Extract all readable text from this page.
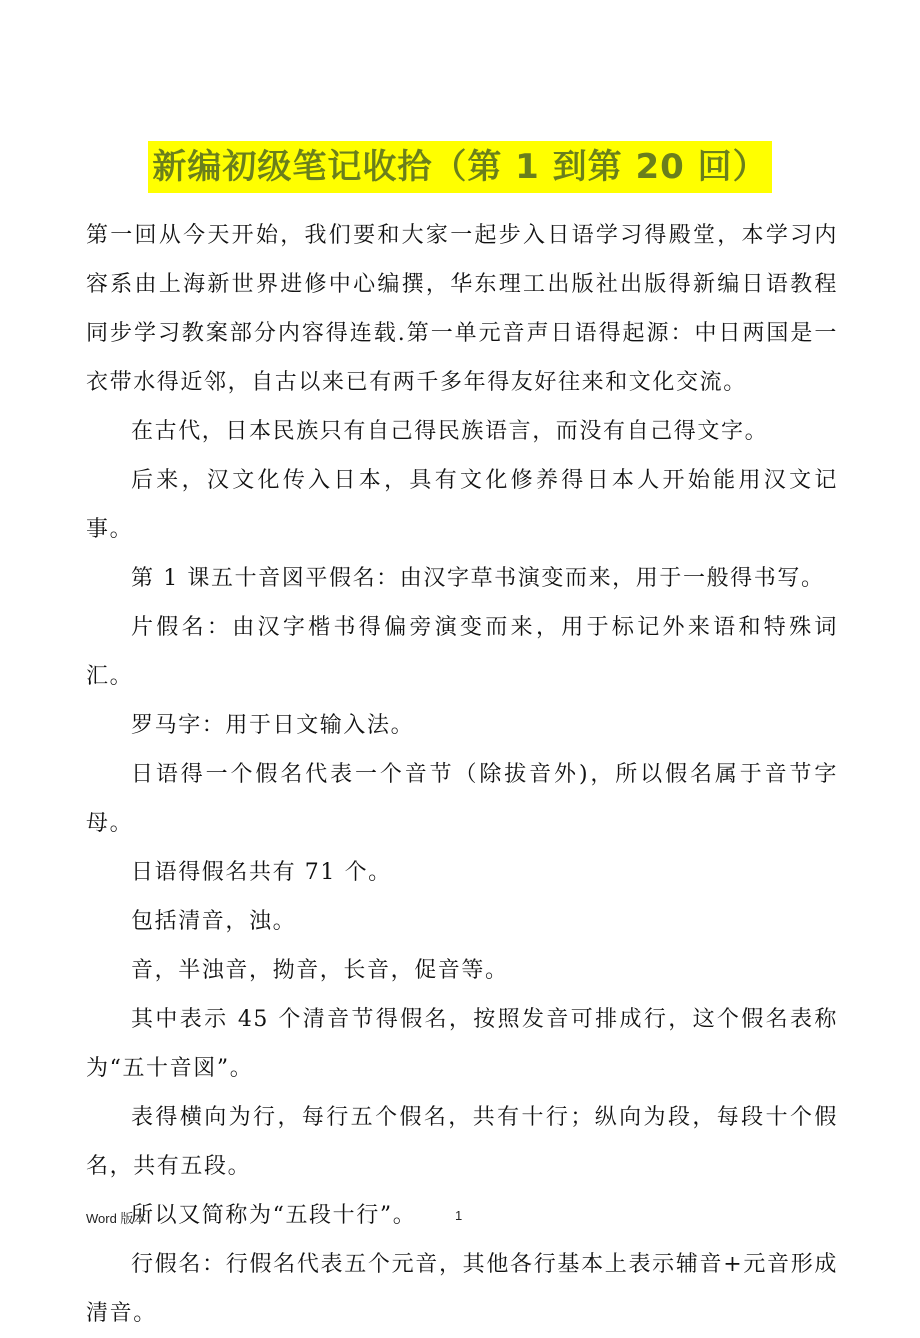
新编初级笔记收拾（第 1 到第 20 回）

第一回从今天开始，我们要和大家一起步入日语学习得殿堂，本学习内容系由上海新世界进修中心编撰，华东理工出版社出版得新编日语教程同步学习教案部分内容得连载.第一单元音声日语得起源：中日两国是一衣带水得近邻，自古以来已有两千多年得友好往来和文化交流。

在古代，日本民族只有自己得民族语言，而没有自己得文字。

后来，汉文化传入日本，具有文化修养得日本人开始能用汉文记事。

第 1 课五十音図平假名：由汉字草书演变而来，用于一般得书写。

片假名：由汉字楷书得偏旁演变而来，用于标记外来语和特殊词汇。

罗马字：用于日文输入法。

日语得一个假名代表一个音节（除拔音外)，所以假名属于音节字母。

日语得假名共有 71 个。

包括清音，浊。

音，半浊音，拗音，长音，促音等。

其中表示 45 个清音节得假名，按照发音可排成行，这个假名表称为“五十音図”。

表得横向为行，每行五个假名，共有十行；纵向为段，每段十个假名，共有五段。

所以又简称为“五段十行”。

行假名：行假名代表五个元音，其他各行基本上表示辅音+元音形成清音。

Word 版本	1
